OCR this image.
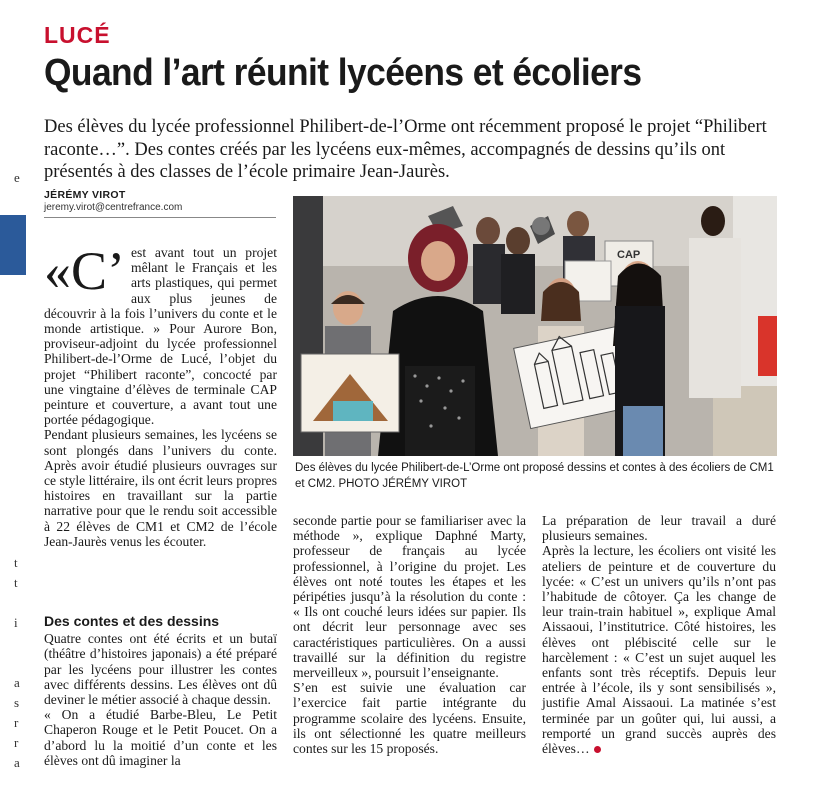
LUCÉ
Quand l’art réunit lycéens et écoliers
Des élèves du lycée professionnel Philibert-de-l’Orme ont récemment proposé le projet “Philibert raconte…”. Des contes créés par les lycéens eux-mêmes, accompagnés de dessins qu’ils ont présentés à des classes de l’école primaire Jean-Jaurès.
JÉRÉMY VIROT
jeremy.virot@centrefrance.com
e
t
t
i
a
s
r
r
a
CAP
Des élèves du lycée Philibert-de-L’Orme ont proposé dessins et contes à des écoliers de CM1 et CM2. PHOTO JÉRÉMY VIROT
«C’ est avant tout un projet mêlant le Français et les arts plastiques, qui permet aux plus jeunes de découvrir à la fois l’univers du conte et le monde artistique. » Pour Aurore Bon, proviseur-adjoint du lycée professionnel Philibert-de-l’Orme de Lucé, l’objet du projet “Philibert raconte”, concocté par une vingtaine d’élèves de terminale CAP peinture et couverture, a avant tout une portée pédagogique.

Pendant plusieurs semaines, les lycéens se sont plongés dans l’univers du conte. Après avoir étudié plusieurs ouvrages sur ce style littéraire, ils ont écrit leurs propres histoires en travaillant sur la partie narrative pour que le rendu soit accessible à 22 élèves de CM1 et CM2 de l’école Jean-Jaurès venus les écouter.

Des contes et des dessins

Quatre contes ont été écrits et un butaï (théâtre d’histoires japonais) a été préparé par les lycéens pour illustrer les contes avec différents dessins. Les élèves ont dû deviner le métier associé à chaque dessin.

« On a étudié Barbe-Bleu, Le Petit Chaperon Rouge et le Petit Poucet. On a d’abord lu la moitié d’un conte et les élèves ont dû imaginer la

seconde partie pour se familiariser avec la méthode », explique Daphné Marty, professeur de français au lycée professionnel, à l’origine du projet. Les élèves ont noté toutes les étapes et les péripéties jusqu’à la résolution du conte : « Ils ont couché leurs idées sur papier. Ils ont décrit leur personnage avec ses caractéristiques particulières. On a aussi travaillé sur la définition du registre merveilleux », poursuit l’enseignante.

S’en est suivie une évaluation car l’exercice fait partie intégrante du programme scolaire des lycéens. Ensuite, ils ont sélectionné les quatre meilleurs contes sur les 15 proposés.

La préparation de leur travail a duré plusieurs semaines.

Après la lecture, les écoliers ont visité les ateliers de peinture et de couverture du lycée: « C’est un univers qu’ils n’ont pas l’habitude de côtoyer. Ça les change de leur train-train habituel », explique Amal Aissaoui, l’institutrice. Côté histoires, les élèves ont plébiscité celle sur le harcèlement : « C’est un sujet auquel les enfants sont très réceptifs. Depuis leur entrée à l’école, ils y sont sensibilisés », justifie Amal Aissaoui. La matinée s’est terminée par un goûter qui, lui aussi, a remporté un grand succès auprès des élèves…
